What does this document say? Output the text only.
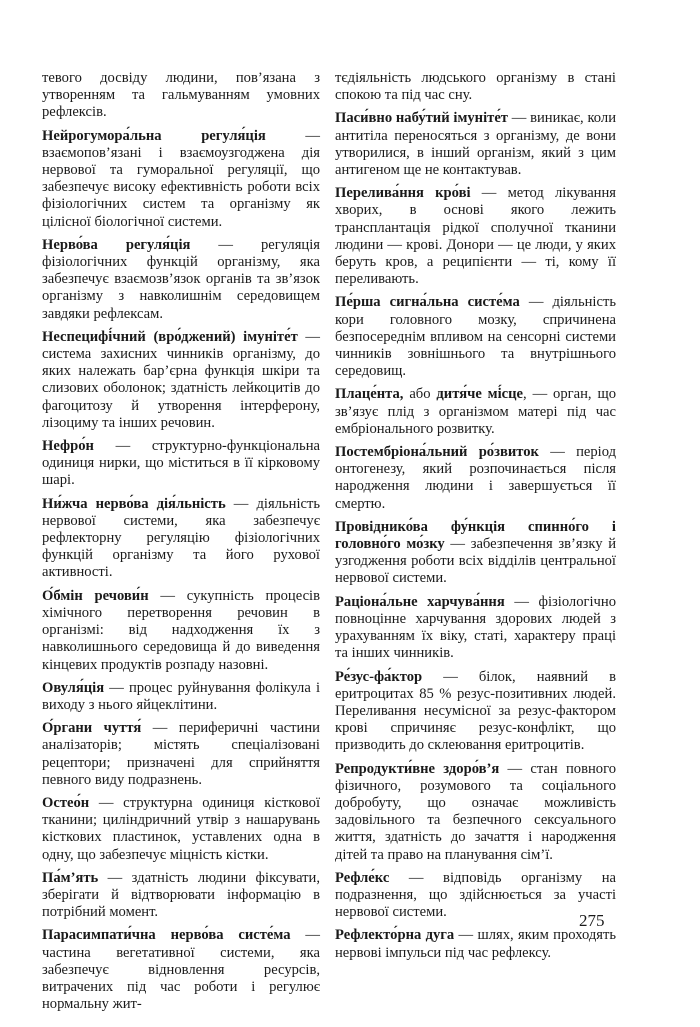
тевого досвіду людини, пов’язана з утворенням та гальмуванням умовних рефлексів.
Нейрогумора́льна регуля́ція — взаємопов’язані і взаємоузгоджена дія нервової та гуморальної регуляції, що забезпечує високу ефективність роботи всіх фізіологічних систем та організму як цілісної біологічної системи.
Нерво́ва регуля́ція — регуляція фізіологічних функцій організму, яка забезпечує взаємозв’язок органів та зв’язок організму з навколишнім середовищем завдяки рефлексам.
Неспецифі́чний (вро́джений) імуніте́т — система захисних чинників організму, до яких належать бар’єрна функція шкіри та слизових оболонок; здатність лейкоцитів до фагоцитозу й утворення інтерферону, лізоциму та інших речовин.
Нефро́н — структурно-функціональна одиниця нирки, що міститься в її кірковому шарі.
Ни́жча нерво́ва дія́льність — діяльність нервової системи, яка забезпечує рефлекторну регуляцію фізіологічних функцій організму та його рухової активності.
О́бмін речови́н — сукупність процесів хімічного перетворення речовин в організмі: від надходження їх з навколишнього середовища й до виведення кінцевих продуктів розпаду назовні.
Овуля́ція — процес руйнування фолікула і виходу з нього яйцеклітини.
О́ргани чуття́ — периферичні частини аналізаторів; містять спеціалізовані рецептори; призначені для сприйняття певного виду подразнень.
Остео́н — структурна одиниця кісткової тканини; циліндричний утвір з нашарувань кісткових пластинок, уставлених одна в одну, що забезпечує міцність кістки.
Па́м’ять — здатність людини фіксувати, зберігати й відтворювати інформацію в потрібний момент.
Парасимпати́чна нерво́ва систе́ма — частина вегетативної системи, яка забезпечує відновлення ресурсів, витрачених під час роботи і регулює нормальну жит-
тєдіяльність людського організму в стані спокою та під час сну.
Паси́вно набу́тий імуніте́т — виникає, коли антитіла переносяться з організму, де вони утворилися, в інший організм, який з цим антигеном ще не контактував.
Перелива́ння кро́ві — метод лікування хворих, в основі якого лежить трансплантація рідкої сполучної тканини людини — крові. Донори — це люди, у яких беруть кров, а реципієнти — ті, кому її переливають.
Пе́рша сигна́льна систе́ма — діяльність кори головного мозку, спричинена безпосереднім впливом на сенсорні системи чинників зовнішнього та внутрішнього середовищ.
Плаце́нта, або дитя́че мі́сце, — орган, що зв’язує плід з організмом матері під час ембріонального розвитку.
Постембріона́льний ро́звиток — період онтогенезу, який розпочинається після народження людини і завершується її смертю.
Провіднико́ва фу́нкція спинно́го і головно́го мо́зку — забезпечення зв’язку й узгодження роботи всіх відділів центральної нервової системи.
Раціона́льне харчува́ння — фізіологічно повноцінне харчування здорових людей з урахуванням їх віку, статі, характеру праці та інших чинників.
Ре́зус-фа́ктор — білок, наявний в еритроцитах 85 % резус-позитивних людей. Переливання несумісної за резус-фактором крові спричиняє резус-конфлікт, що призводить до склеювання еритроцитів.
Репродукти́вне здоро́в’я — стан повного фізичного, розумового та соціального добробуту, що означає можливість задовільного та безпечного сексуального життя, здатність до зачаття і народження дітей та право на планування сім’ї.
Рефле́кс — відповідь організму на подразнення, що здійснюється за участі нервової системи.
Рефлекто́рна дуга — шлях, яким проходять нервові імпульси під час рефлексу.
275
